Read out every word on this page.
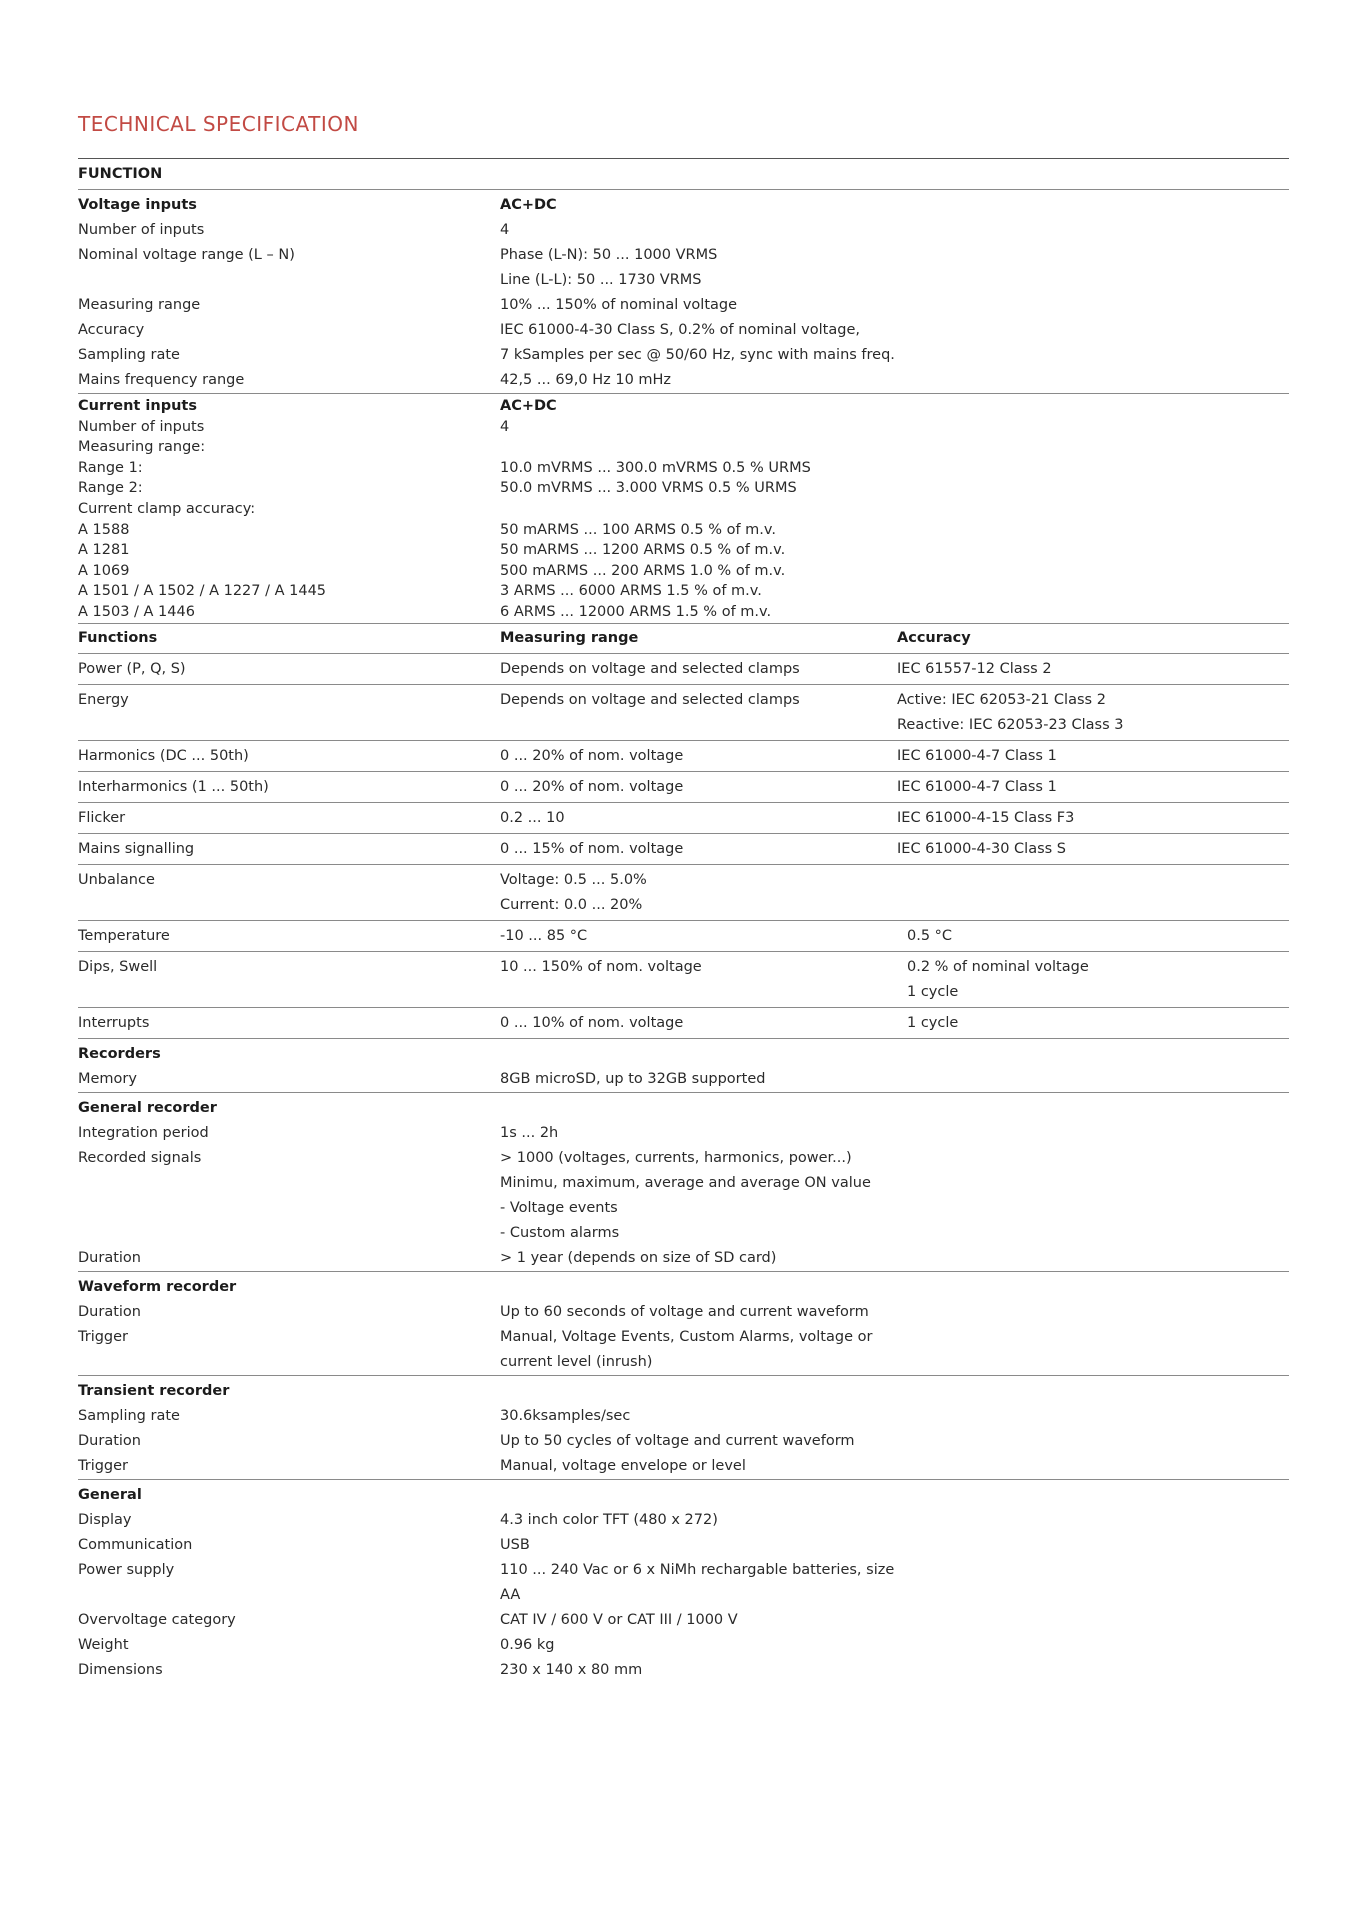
TECHNICAL SPECIFICATION
FUNCTION
Voltage inputs	AC+DC
Number of inputs	4
Nominal voltage range (L – N)	Phase (L-N): 50 ... 1000 VRMS
Line (L-L): 50 ... 1730 VRMS
Measuring range	10% ... 150% of nominal voltage
Accuracy	IEC 61000-4-30 Class S, 0.2% of nominal voltage,
Sampling rate	7 kSamples per sec @ 50/60 Hz, sync with mains freq.
Mains frequency range	42,5 ... 69,0 Hz 10 mHz
Current inputs	AC+DC
Number of inputs	4
Measuring range:
Range 1:	10.0 mVRMS ... 300.0 mVRMS 0.5 % URMS
Range 2:	50.0 mVRMS ... 3.000 VRMS 0.5 % URMS
Current clamp accuracy:
A 1588	50 mARMS ... 100 ARMS 0.5 % of m.v.
A 1281	50 mARMS ... 1200 ARMS 0.5 % of m.v.
A 1069	500 mARMS ... 200 ARMS 1.0 % of m.v.
A 1501 / A 1502 / A 1227 / A 1445	3 ARMS ... 6000 ARMS 1.5 % of m.v.
A 1503 / A 1446	6 ARMS ... 12000 ARMS 1.5 % of m.v.
Functions	Measuring range	Accuracy
Power (P, Q, S)	Depends on voltage and selected clamps	IEC 61557-12 Class 2
Energy	Depends on voltage and selected clamps	Active: IEC 62053-21 Class 2
Reactive: IEC 62053-23 Class 3
Harmonics (DC ... 50th)	0 ... 20% of nom. voltage	IEC 61000-4-7 Class 1
Interharmonics (1 ... 50th)	0 ... 20% of nom. voltage	IEC 61000-4-7 Class 1
Flicker	0.2 ... 10	IEC 61000-4-15 Class F3
Mains signalling	0 ... 15% of nom. voltage	IEC 61000-4-30 Class S
Unbalance	Voltage: 0.5 ... 5.0%
Current: 0.0 ... 20%
Temperature	-10 ... 85 °C	0.5 °C
Dips, Swell	10 ... 150% of nom. voltage	0.2 % of nominal voltage
1 cycle
Interrupts	0 ... 10% of nom. voltage	1 cycle
Recorders
Memory	8GB microSD, up to 32GB supported
General recorder
Integration period	1s ... 2h
Recorded signals	> 1000 (voltages, currents, harmonics, power...)
Minimu, maximum, average and average ON value
- Voltage events
- Custom alarms
Duration	> 1 year (depends on size of SD card)
Waveform recorder
Duration	Up to 60 seconds of voltage and current waveform
Trigger	Manual, Voltage Events, Custom Alarms, voltage or current level (inrush)
Transient recorder
Sampling rate	30.6ksamples/sec
Duration	Up to 50 cycles of voltage and current waveform
Trigger	Manual, voltage envelope or level
General
Display	4.3 inch color TFT (480 x 272)
Communication	USB
Power supply	110 ... 240 Vac or 6 x NiMh rechargable batteries, size AA
Overvoltage category	CAT IV / 600 V or CAT III / 1000 V
Weight	0.96 kg
Dimensions	230 x 140 x 80 mm
